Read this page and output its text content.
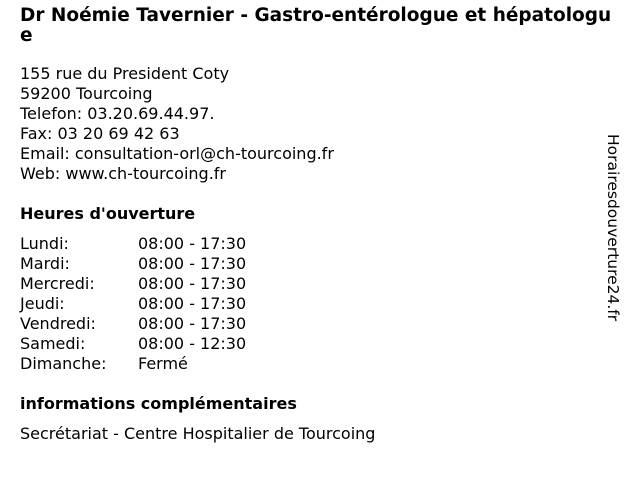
Dr Noémie Tavernier - Gastro-entérologue et hépatologue
155 rue du President Coty
59200 Tourcoing
Telefon: 03.20.69.44.97.
Fax: 03 20 69 42 63
Email: consultation-orl@ch-tourcoing.fr
Web: www.ch-tourcoing.fr
Heures d'ouverture
Lundi:	08:00 - 17:30
Mardi:	08:00 - 17:30
Mercredi:	08:00 - 17:30
Jeudi:	08:00 - 17:30
Vendredi:	08:00 - 17:30
Samedi:	08:00 - 12:30
Dimanche:	Fermé
informations complémentaires
Secrétariat - Centre Hospitalier de Tourcoing
Horairesdouverture24.fr
